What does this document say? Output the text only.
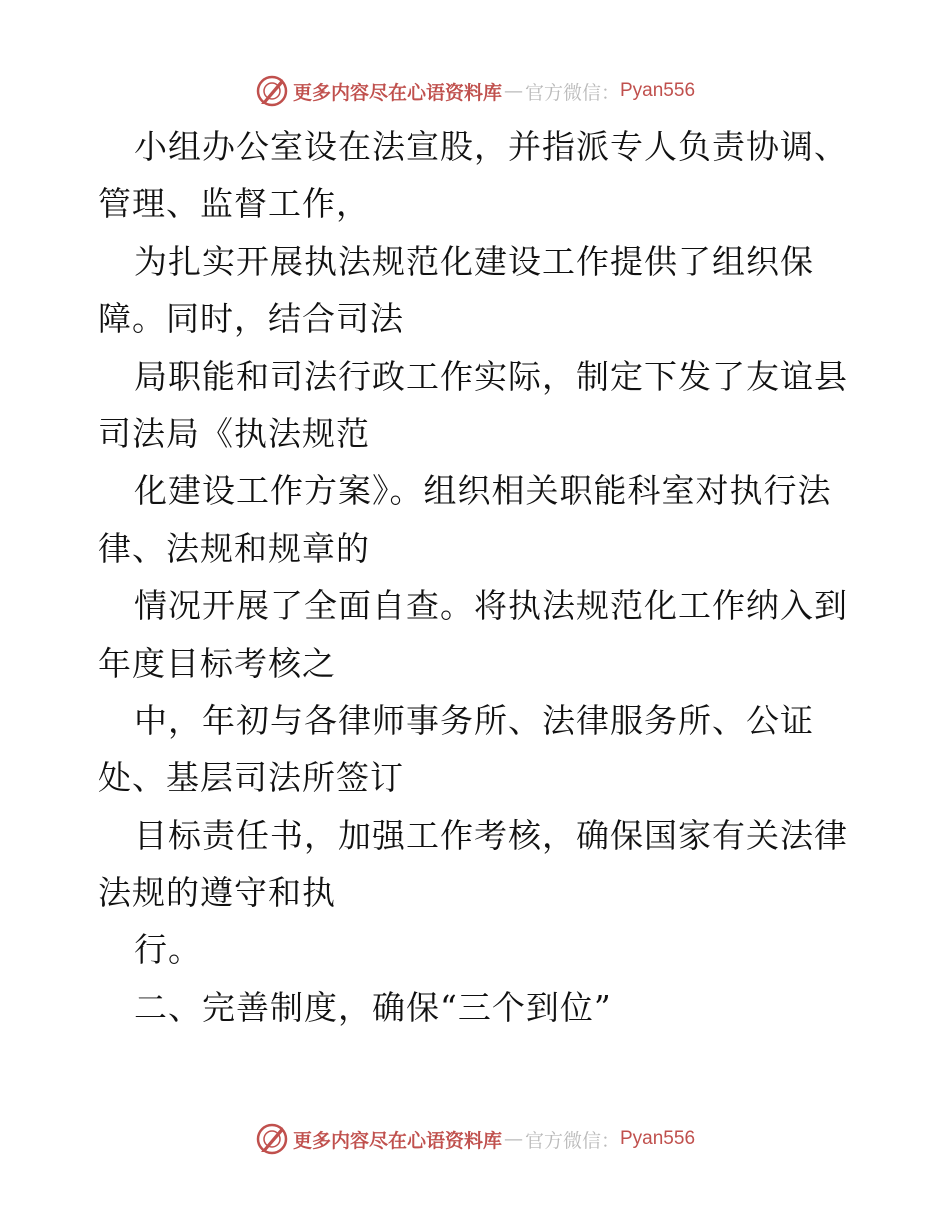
更多内容尽在心语资料库 — 官方微信： Pyan556
小组办公室设在法宣股，并指派专人负责协调、
管理、监督工作，
为扎实开展执法规范化建设工作提供了组织保
障。同时，结合司法
局职能和司法行政工作实际，制定下发了友谊县
司法局《执法规范
化建设工作方案》。组织相关职能科室对执行法
律、法规和规章的
情况开展了全面自查。将执法规范化工作纳入到
年度目标考核之
中，年初与各律师事务所、法律服务所、公证
处、基层司法所签订
目标责任书，加强工作考核，确保国家有关法律
法规的遵守和执
行。
二、完善制度，确保“三个到位”
更多内容尽在心语资料库 — 官方微信： Pyan556
